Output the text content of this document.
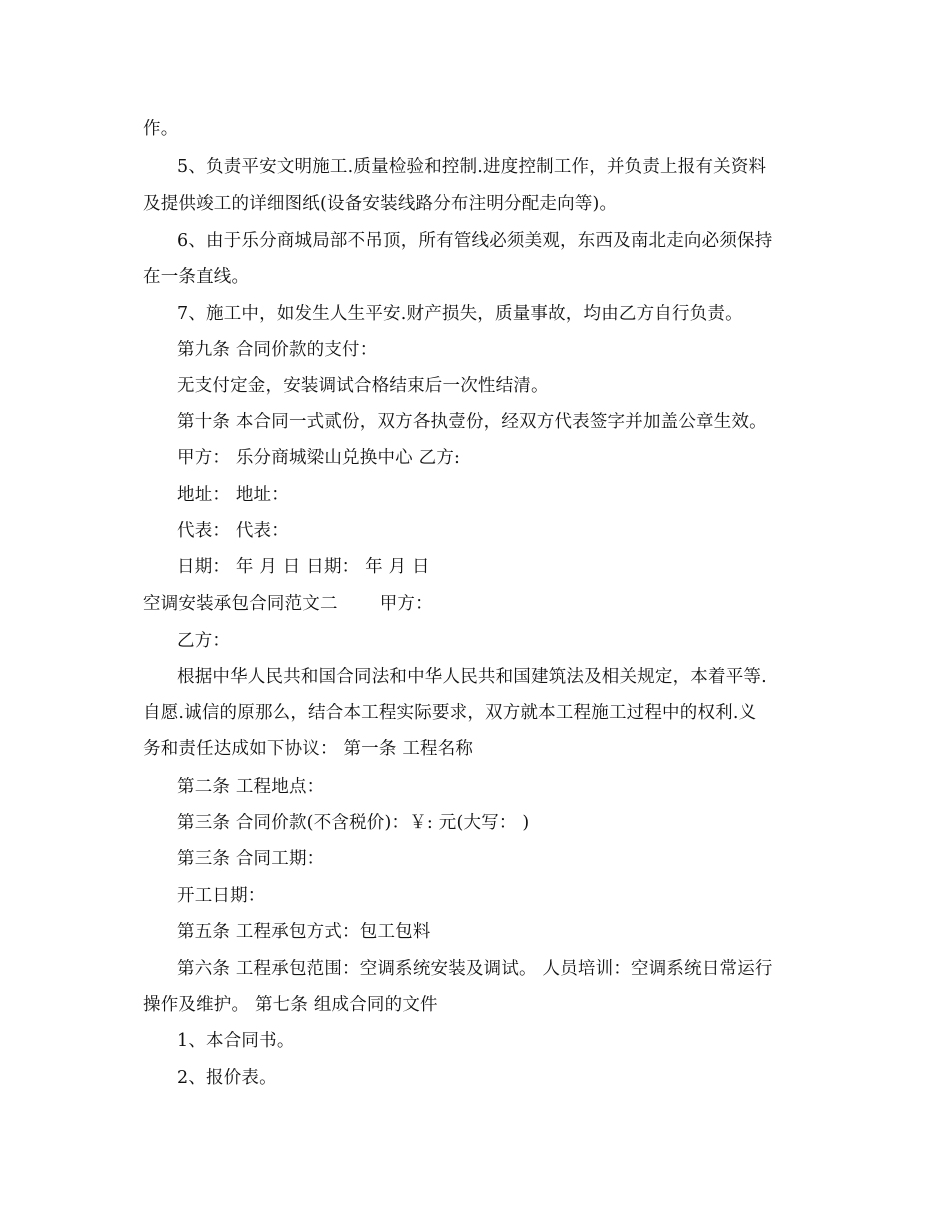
作。
5、负责平安文明施工.质量检验和控制.进度控制工作，并负责上报有关资料
及提供竣工的详细图纸(设备安装线路分布注明分配走向等)。
6、由于乐分商城局部不吊顶，所有管线必须美观，东西及南北走向必须保持
在一条直线。
7、施工中，如发生人生平安.财产损失，质量事故，均由乙方自行负责。
第九条 合同价款的支付：
无支付定金，安装调试合格结束后一次性结清。
第十条 本合同一式贰份，双方各执壹份，经双方代表签字并加盖公章生效。
甲方： 乐分商城梁山兑换中心 乙方:
地址： 地址：
代表： 代表：
日期： 年 月 日 日期： 年 月 日
空调安装承包合同范文二 甲方：
乙方：
根据中华人民共和国合同法和中华人民共和国建筑法及相关规定，本着平等.
自愿.诚信的原那么，结合本工程实际要求，双方就本工程施工过程中的权利.义
务和责任达成如下协议： 第一条 工程名称
第二条 工程地点：
第三条 合同价款(不含税价)：￥: 元(大写： )
第三条 合同工期：
开工日期：
第五条 工程承包方式：包工包料
第六条 工程承包范围：空调系统安装及调试。 人员培训：空调系统日常运行
操作及维护。 第七条 组成合同的文件
1、本合同书。
2、报价表。
